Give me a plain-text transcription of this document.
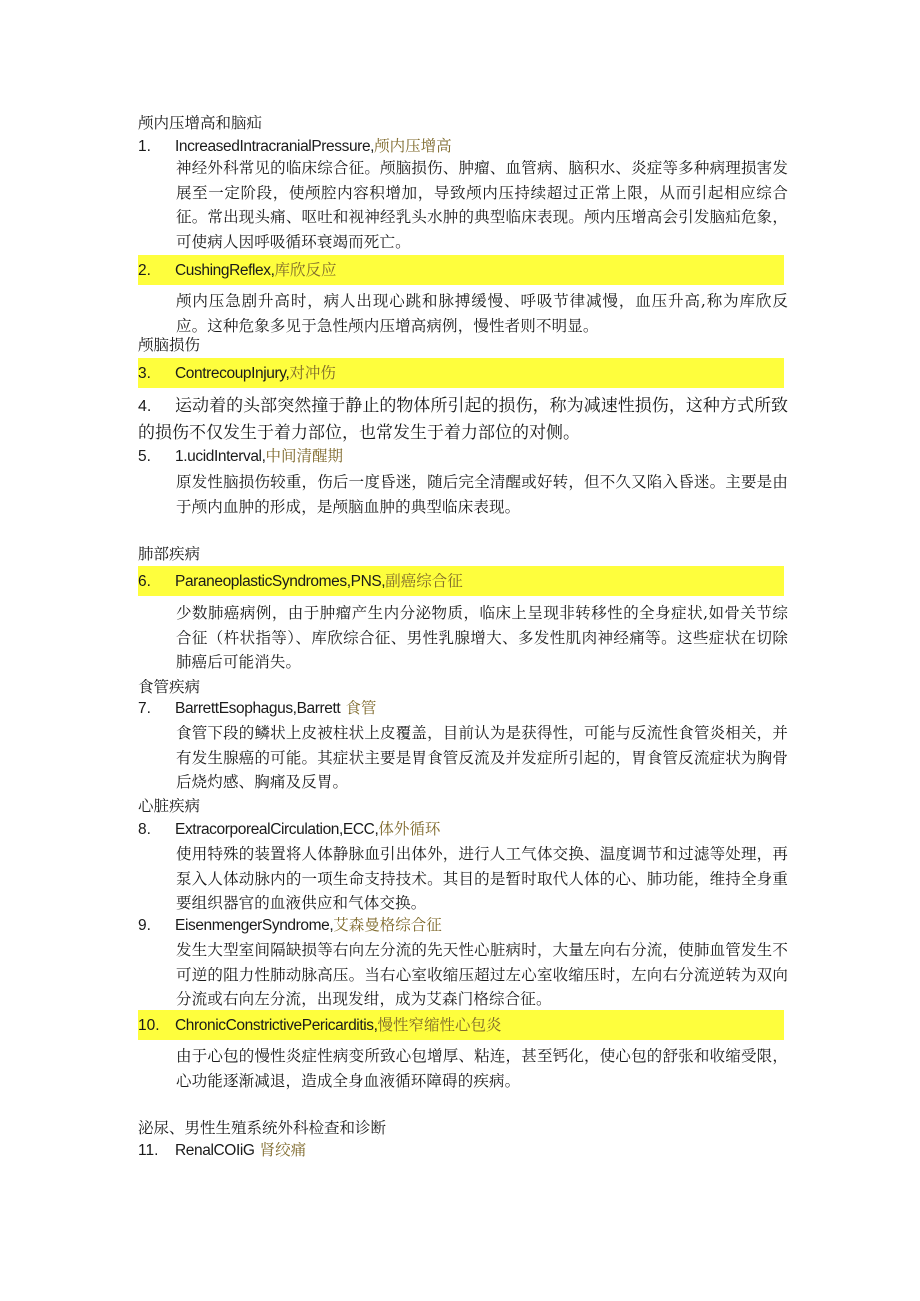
颅内压增高和脑疝
1. IncreasedIntracranialPressure,颅内压增高
神经外科常见的临床综合征。颅脑损伤、肿瘤、血管病、脑积水、炎症等多种病理损害发展至一定阶段，使颅腔内容积增加，导致颅内压持续超过正常上限，从而引起相应综合征。常出现头痛、呕吐和视神经乳头水肿的典型临床表现。颅内压增高会引发脑疝危象，可使病人因呼吸循环衰竭而死亡。
2. CushingReflex,库欣反应
颅内压急剧升高时，病人出现心跳和脉搏缓慢、呼吸节律减慢，血压升高,称为库欣反应。这种危象多见于急性颅内压增高病例，慢性者则不明显。
颅脑损伤
3. ContrecoupInjury,对冲伤
4. 运动着的头部突然撞于静止的物体所引起的损伤，称为减速性损伤，这种方式所致的损伤不仅发生于着力部位，也常发生于着力部位的对侧。
5. 1.ucidInterval,中间清醒期
原发性脑损伤较重，伤后一度昏迷，随后完全清醒或好转，但不久又陷入昏迷。主要是由于颅内血肿的形成，是颅脑血肿的典型临床表现。
肺部疾病
6. ParaneoplasticSyndromes,PNS,副癌综合征
少数肺癌病例，由于肿瘤产生内分泌物质，临床上呈现非转移性的全身症状,如骨关节综合征（杵状指等）、库欣综合征、男性乳腺增大、多发性肌肉神经痛等。这些症状在切除肺癌后可能消失。
食管疾病
7. BarrettEsophagus,Barrett 食管
食管下段的鳞状上皮被柱状上皮覆盖，目前认为是获得性，可能与反流性食管炎相关，并有发生腺癌的可能。其症状主要是胃食管反流及并发症所引起的，胃食管反流症状为胸骨后烧灼感、胸痛及反胃。
心脏疾病
8. ExtracorporealCirculation,ECC,体外循环
使用特殊的装置将人体静脉血引出体外，进行人工气体交换、温度调节和过滤等处理，再泵入人体动脉内的一项生命支持技术。其目的是暂时取代人体的心、肺功能，维持全身重要组织器官的血液供应和气体交换。
9. EisenmengerSyndrome,艾森曼格综合征
发生大型室间隔缺损等右向左分流的先天性心脏病时，大量左向右分流，使肺血管发生不可逆的阻力性肺动脉高压。当右心室收缩压超过左心室收缩压时，左向右分流逆转为双向分流或右向左分流，出现发绀，成为艾森门格综合征。
10. ChronicConstrictivePericarditis,慢性窄缩性心包炎
由于心包的慢性炎症性病变所致心包增厚、粘连，甚至钙化，使心包的舒张和收缩受限，心功能逐渐减退，造成全身血液循环障碍的疾病。
泌尿、男性生殖系统外科检查和诊断
11. RenalCOIiG 肾绞痛
